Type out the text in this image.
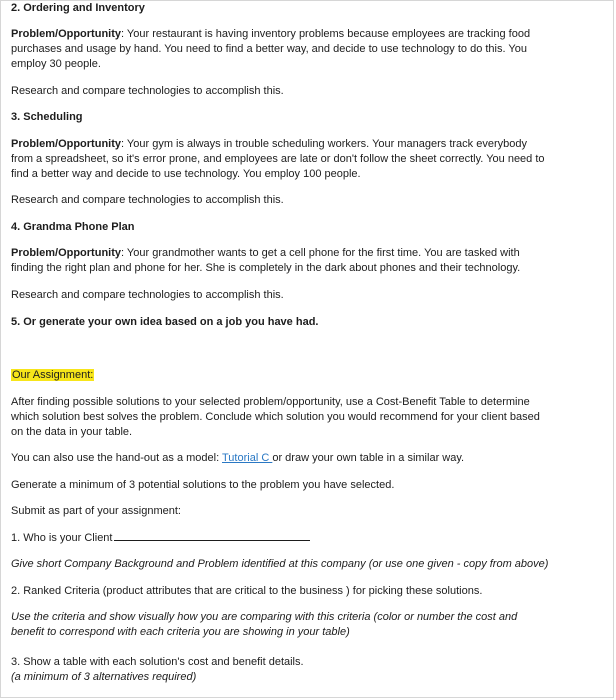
2. Ordering and Inventory
Problem/Opportunity: Your restaurant is having inventory problems because employees are tracking food
purchases and usage by hand. You need to find a better way, and decide to use technology to do this. You
employ 30 people.
Research and compare technologies to accomplish this.
3. Scheduling
Problem/Opportunity: Your gym is always in trouble scheduling workers. Your managers track everybody
from a spreadsheet, so it's error prone, and employees are late or don't follow the sheet correctly. You need to
find a better way and decide to use technology. You employ 100 people.
Research and compare technologies to accomplish this.
4. Grandma Phone Plan
Problem/Opportunity: Your grandmother wants to get a cell phone for the first time. You are tasked with
finding the right plan and phone for her. She is completely in the dark about phones and their technology.
Research and compare technologies to accomplish this.
5. Or generate your own idea based on a job you have had.
Our Assignment:
After finding possible solutions to your selected problem/opportunity, use a Cost-Benefit Table to determine
which solution best solves the problem. Conclude which solution you would recommend for your client based
on the data in your table.
You can also use the hand-out as a model: Tutorial C or draw your own table in a similar way.
Generate a minimum of 3 potential solutions to the problem you have selected.
Submit as part of your assignment:
1. Who is your Client
Give short Company Background and Problem identified at this company (or use one given - copy from above)
2. Ranked Criteria (product attributes that are critical to the business ) for picking these solutions.
Use the criteria and show visually how you are comparing with this criteria (color or number the cost and
benefit to correspond with each criteria you are showing in your table)
3. Show a table with each solution's cost and benefit details.
(a minimum of 3 alternatives required)
